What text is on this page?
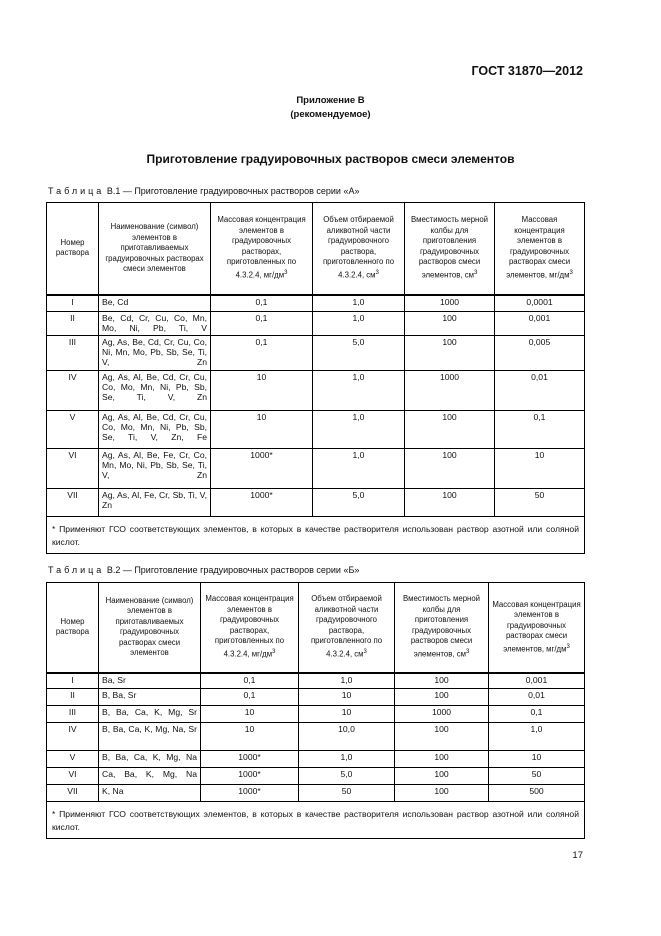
ГОСТ 31870—2012
Приложение В
(рекомендуемое)
Приготовление градуировочных растворов смеси элементов
Таблица В.1 — Приготовление градуировочных растворов серии «А»
Номер раствора	Наименование (символ) элементов в приготавливаемых градуировочных растворах смеси элементов	Массовая концентрация элементов в градуировочных растворах, приготовленных по 4.3.2.4, $мг/дм^3$	Объем отбираемой аликвотной части градуировочного раствора, приготовленного по 4.3.2.4, $см^3$	Вместимость мерной колбы для приготовления градуировочных растворов смеси элементов, $см^3$	Массовая концентрация элементов в градуировочных растворах смеси элементов, $мг/дм^3$
I	Be, Cd	0,1	1,0	1000	0,0001
II	Be, Cd, Cr, Cu, Co, Mn, Mo, Ni, Pb, Ti, V	0,1	1,0	100	0,001
III	Ag, As, Be, Cd, Cr, Cu, Co, Ni, Mn, Mo, Pb, Sb, Se, Ti, V, Zn	0,1	5,0	100	0,005
IV	Ag, As, Al, Be, Cd, Cr, Cu, Co, Mo, Mn, Ni, Pb, Sb, Se, Ti, V, Zn	10	1,0	1000	0,01
V	Ag, As, Al, Be, Cd, Cr, Cu, Co, Mo, Mn, Ni, Pb, Sb, Se, Ti, V, Zn, Fe	10	1,0	100	0,1
VI	Ag, As, Al, Be, Fe, Cr, Co, Mn, Mo, Ni, Pb, Sb, Se, Ti, V, Zn	1000*	1,0	100	10
VII	Ag, As, Al, Fe, Cr, Sb, Ti, V, Zn	1000*	5,0	100	50
* Применяют ГСО соответствующих элементов, в которых в качестве растворителя использован раствор азотной или соляной кислот.					
Таблица В.2 — Приготовление градуировочных растворов серии «Б»
Номер раствора	Наименование (символ) элементов в приготавливаемых градуировочных растворах смеси элементов	Массовая концентрация элементов в градуировочных растворах, приготовленных по 4.3.2.4, $мг/дм^3$	Объем отбираемой аликвотной части градуировочного раствора, приготовленного по 4.3.2.4, $см^3$	Вместимость мерной колбы для приготовления градуировочных растворов смеси элементов, $см^3$	Массовая концентрация элементов в градуировочных растворах смеси элементов, $мг/дм^3$
I	Ba, Sr	0,1	1,0	100	0,001
II	B, Ba, Sr	0,1	10	100	0,01
III	B, Ba, Ca, K, Mg, Sr	10	10	1000	0,1
IV	B, Ba, Ca, K, Mg, Na, Sr	10	10,0	100	1,0
V	B, Ba, Ca, K, Mg, Na	1000*	1,0	100	10
VI	Ca, Ba, K, Mg, Na	1000*	5,0	100	50
VII	K, Na	1000*	50	100	500
* Применяют ГСО соответствующих элементов, в которых в качестве растворителя использован раствор азотной или соляной кислот.					
17
